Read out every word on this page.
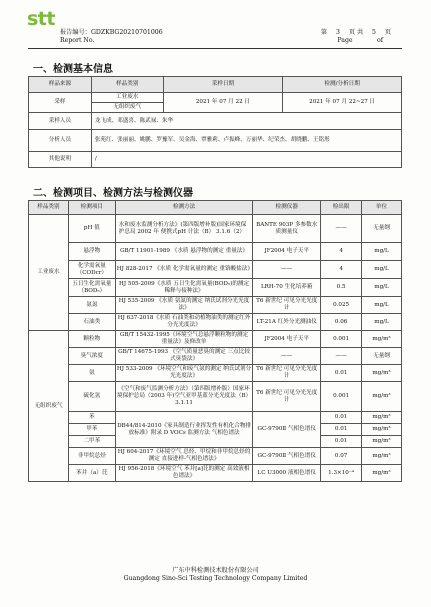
stt
报告编号：GDZKBG20210701006
Report No.
第 3 页 共 5 页
Page	of
一、检测基本信息
样品来源	样品类别	采样日期	检测/分析日期
采样	工业废水	2021 年 07 月 22 日	2021 年 07 月 22~27 日
	无组织废气		
采样人员	龙飞成、邓盛喜、陈武禄、朱华		
分析人员	张苑红、张丽丽、姚鹏、罗豫军、吴金海、覃雅莉、卢振峰、万丽华、纪荣杰、胡晓鹏、王铭彤		
其他说明	/		
二、检测项目、检测方法与检测仪器
样品类别	检测项目	检测方法	检测仪器	检出限	单位
工业废水	pH 值	水和废水监测分析方法》(第四版增补版)国家环境保护总局 2002 年 便携式pH 计法（B） 3.1.6（2）	BANTE 903P 多参数水质测量仪	——	无量纲
	悬浮物	GB/T 11901-1989 《水质 悬浮物的测定 重量法》	JF2004 电子天平	4	mg/L
	化学需氧量（CODcr）	HJ 828-2017 《水质 化学需氧量的测定 重铬酸盐法》	——	4	mg/L
	五日生化需氧量（BOD₅）	HJ 505-2009《水质 五日生化需氧量(BOD₅)的测定 稀释与接种法》	LRH-70 生化培养箱	0.5	mg/L
	氨氮	HJ 535-2009 《水质 氨氮的测定 纳氏试剂分光光度法》	T6 新世纪 可见分光光度计	0.025	mg/L
	石油类	HJ 637-2018《水质 石油类和动植物油类的测定红外分光光度法》	LT-21A 红外分光测油仪	0.06	mg/L
无组织废气	颗粒物	GB/T 15432-1995《环境空气总悬浮颗粒物的测定 重量法》及修改单	JF2004 电子天平	0.001	mg/m³
	臭气浓度	GB/T 14675-1993 《空气质量恶臭的测定 三点比较式臭袋法》	——	——	无量纲
	氨	HJ 533-2009 《环境空气和废气氨的测定 纳氏试剂分光光度法》	T6 新世纪 可见分光光度计	0.01	mg/m³
	硫化氢	《空气和废气监测分析方法》（第四版增补版）国家环境保护总局（2003 年)空气亚甲基蓝分光光度法（B）3.1.11	T6 新世纪 可见分光光度计	0.001	mg/m³
	苯	DB44/814-2010《家具制造行业挥发性有机化合物排放标准》附录 D VOCs 监测方法 气相色谱法	GC-9790Ⅱ 气相色谱仪	0.01	mg/m³
	甲苯			0.01	mg/m³
	二甲苯			0.01	mg/m³
	非甲烷总烃	HJ 604-2017《环境空气 总烃、甲烷和非甲烷总烃的测定 直接进样-气相色谱法》	GC-9790Ⅱ 气相色谱仪	0.07	mg/m³
	苯并（a）芘	HJ 956-2018《环境空气 苯并[a]芘的测定 高效液相色谱法》	LC U3000 液相色谱仪	1.3×10⁻⁴	mg/m³
广东中科检测技术股份有限公司
Guangdong Sino-Sci Testing Technology Company Limited
